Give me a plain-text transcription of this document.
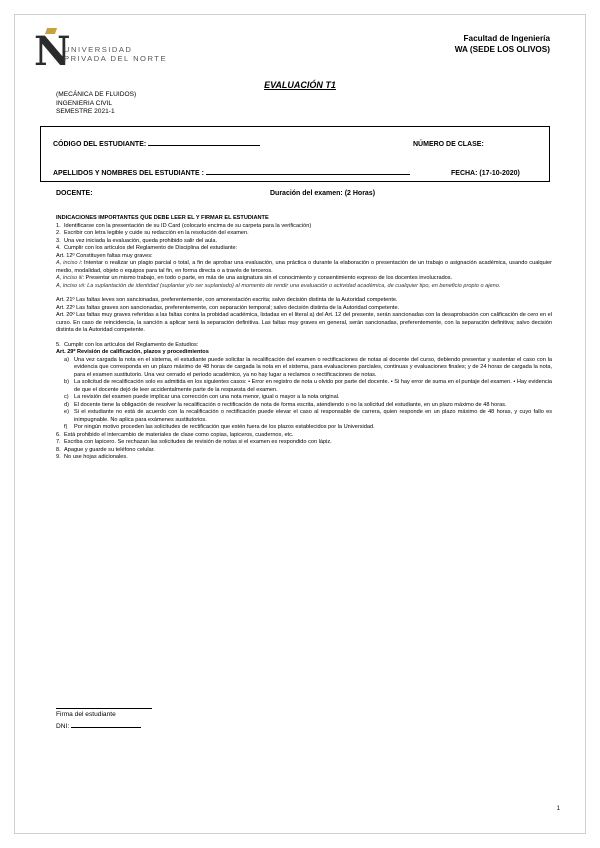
N
UNIVERSIDAD
PRIVADA DEL NORTE
Facultad de Ingeniería
WA (SEDE LOS OLIVOS)
EVALUACIÓN T1
(MECÁNICA DE FLUIDOS)
INGENIERIA CIVIL
SEMESTRE 2021-1
CÓDIGO DEL ESTUDIANTE:	NÚMERO DE CLASE:
APELLIDOS Y NOMBRES DEL ESTUDIANTE :	FECHA: (17-10-2020)
DOCENTE:	Duración del examen: (2 Horas)

INDICACIONES IMPORTANTES QUE DEBE LEER EL Y FIRMAR EL ESTUDIANTE

1. Identificarse con la presentación de su ID Card (colocarlo encima de su carpeta para la verificación)
2. Escribir con letra legible y cuide su redacción en la resolución del examen.
3. Una vez iniciada la evaluación, queda prohibido salir del aula.
4. Cumplir con los artículos del Reglamento de Disciplina del estudiante:

Art. 12º Constituyen faltas muy graves:

A, inciso i: Intentar o realizar un plagio parcial o total, a fin de aprobar una evaluación, una práctica o durante la elaboración o presentación de un trabajo o asignación académica, usando cualquier medio, modalidad, objeto o equipos para tal fin, en forma directa o a través de terceros.

A, inciso iii: Presentar un mismo trabajo, en todo o parte, en más de una asignatura sin el conocimiento y consentimiento expreso de los docentes involucrados.

A, inciso vii: La suplantación de identidad (suplantar y/o ser suplantado) al momento de rendir una evaluación o actividad académica, de cualquier tipo, en beneficio propio o ajeno.

Art. 21º Las faltas leves son sancionadas, preferentemente, con amonestación escrita; salvo decisión distinta de la Autoridad competente.

Art. 22º Las faltas graves son sancionadas, preferentemente, con separación temporal; salvo decisión distinta de la Autoridad competente.

Art. 20º Las faltas muy graves referidas a las faltas contra la probidad académica, listadas en el literal a) del Art. 12 del presente, serán sancionadas con la desaprobación con calificación de cero en el curso. En caso de reincidencia, la sanción a aplicar será la separación definitiva. Las faltas muy graves en general, serán sancionadas, preferentemente, con la separación definitiva; salvo decisión distinta de la Autoridad competente.

5. Cumplir con los artículos del Reglamento de Estudios:

Art. 29º Revisión de calificación, plazos y procedimientos

a) Una vez cargada la nota en el sistema, el estudiante puede solicitar la recalificación del examen o rectificaciones de notas al docente del curso, debiendo presentar y sustentar el caso con la evidencia que corresponda en un plazo máximo de 48 horas de cargada la nota en el sistema, para evaluaciones parciales, continuas y evaluaciones finales; y de 24 horas de cargada la nota, para el examen sustitutorio. Una vez cerrado el periodo académico, ya no hay lugar a reclamos o rectificaciones de notas.
b) La solicitud de recalificación solo es admitida en los siguientes casos: • Error en registro de nota u olvido por parte del docente. • Si hay error de suma en el puntaje del examen. • Hay evidencia de que el docente dejó de leer accidentalmente parte de la respuesta del examen.
c) La revisión del examen puede implicar una corrección con una nota menor, igual o mayor a la nota original.
d) El docente tiene la obligación de resolver la recalificación o rectificación de nota de forma escrita, atendiendo o no la solicitud del estudiante, en un plazo máximo de 48 horas.
e) Si el estudiante no está de acuerdo con la recalificación o rectificación puede elevar el caso al responsable de carrera, quien responde en un plazo máximo de 48 horas, y cuyo fallo es inimpugnable. No aplica para exámenes sustitutorios.
f)	Por ningún motivo proceden las solicitudes de rectificación que estén fuera de los plazos establecidos por la Universidad.
6. Está prohibido el intercambio de materiales de clase como copias, lapiceros, cuadernos, etc.
7. Escriba con lapicero. Se rechazan las solicitudes de revisión de notas si el examen es respondido con lápiz.
8. Apague y guarde su teléfono celular.
9. No use hojas adicionales.
Firma del estudiante
DNI:
1
